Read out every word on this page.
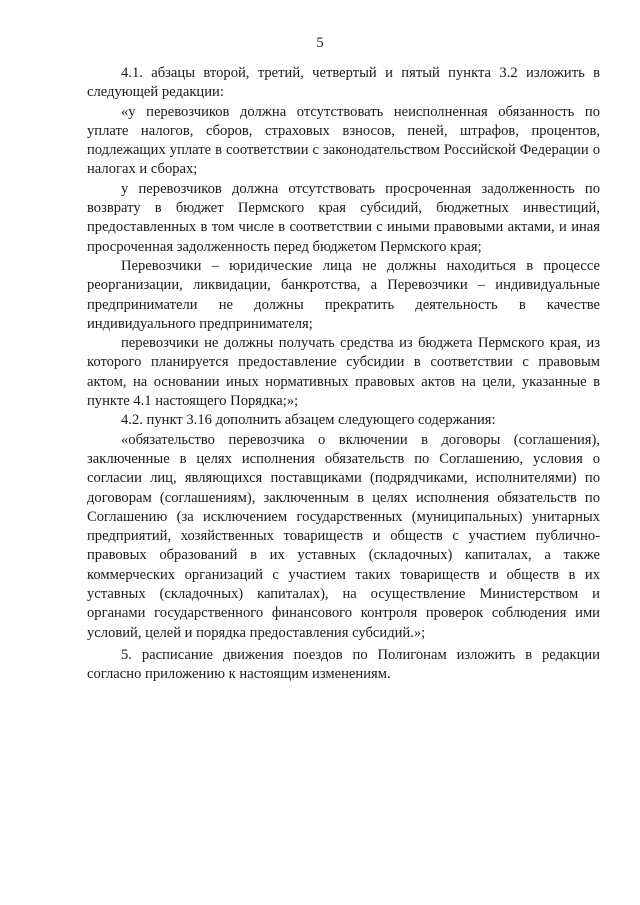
5

4.1. абзацы второй, третий, четвертый и пятый пункта 3.2 изложить в следующей редакции:

«у перевозчиков должна отсутствовать неисполненная обязанность по уплате налогов, сборов, страховых взносов, пеней, штрафов, процентов, подлежащих уплате в соответствии с законодательством Российской Федерации о налогах и сборах;

у перевозчиков должна отсутствовать просроченная задолженность по возврату в бюджет Пермского края субсидий, бюджетных инвестиций, предоставленных в том числе в соответствии с иными правовыми актами, и иная просроченная задолженность перед бюджетом Пермского края;

Перевозчики – юридические лица не должны находиться в процессе реорганизации, ликвидации, банкротства, а Перевозчики – индивидуальные предприниматели не должны прекратить деятельность в качестве индивидуального предпринимателя;

перевозчики не должны получать средства из бюджета Пермского края, из которого планируется предоставление субсидии в соответствии с правовым актом, на основании иных нормативных правовых актов на цели, указанные в пункте 4.1 настоящего Порядка;»;

4.2. пункт 3.16 дополнить абзацем следующего содержания:

«обязательство перевозчика о включении в договоры (соглашения), заключенные в целях исполнения обязательств по Соглашению, условия о согласии лиц, являющихся поставщиками (подрядчиками, исполнителями) по договорам (соглашениям), заключенным в целях исполнения обязательств по Соглашению (за исключением государственных (муниципальных) унитарных предприятий, хозяйственных товариществ и обществ с участием публично-правовых образований в их уставных (складочных) капиталах, а также коммерческих организаций с участием таких товариществ и обществ в их уставных (складочных) капиталах), на осуществление Министерством и органами государственного финансового контроля проверок соблюдения ими условий, целей и порядка предоставления субсидий.»;

5. расписание движения поездов по Полигонам изложить в редакции согласно приложению к настоящим изменениям.
